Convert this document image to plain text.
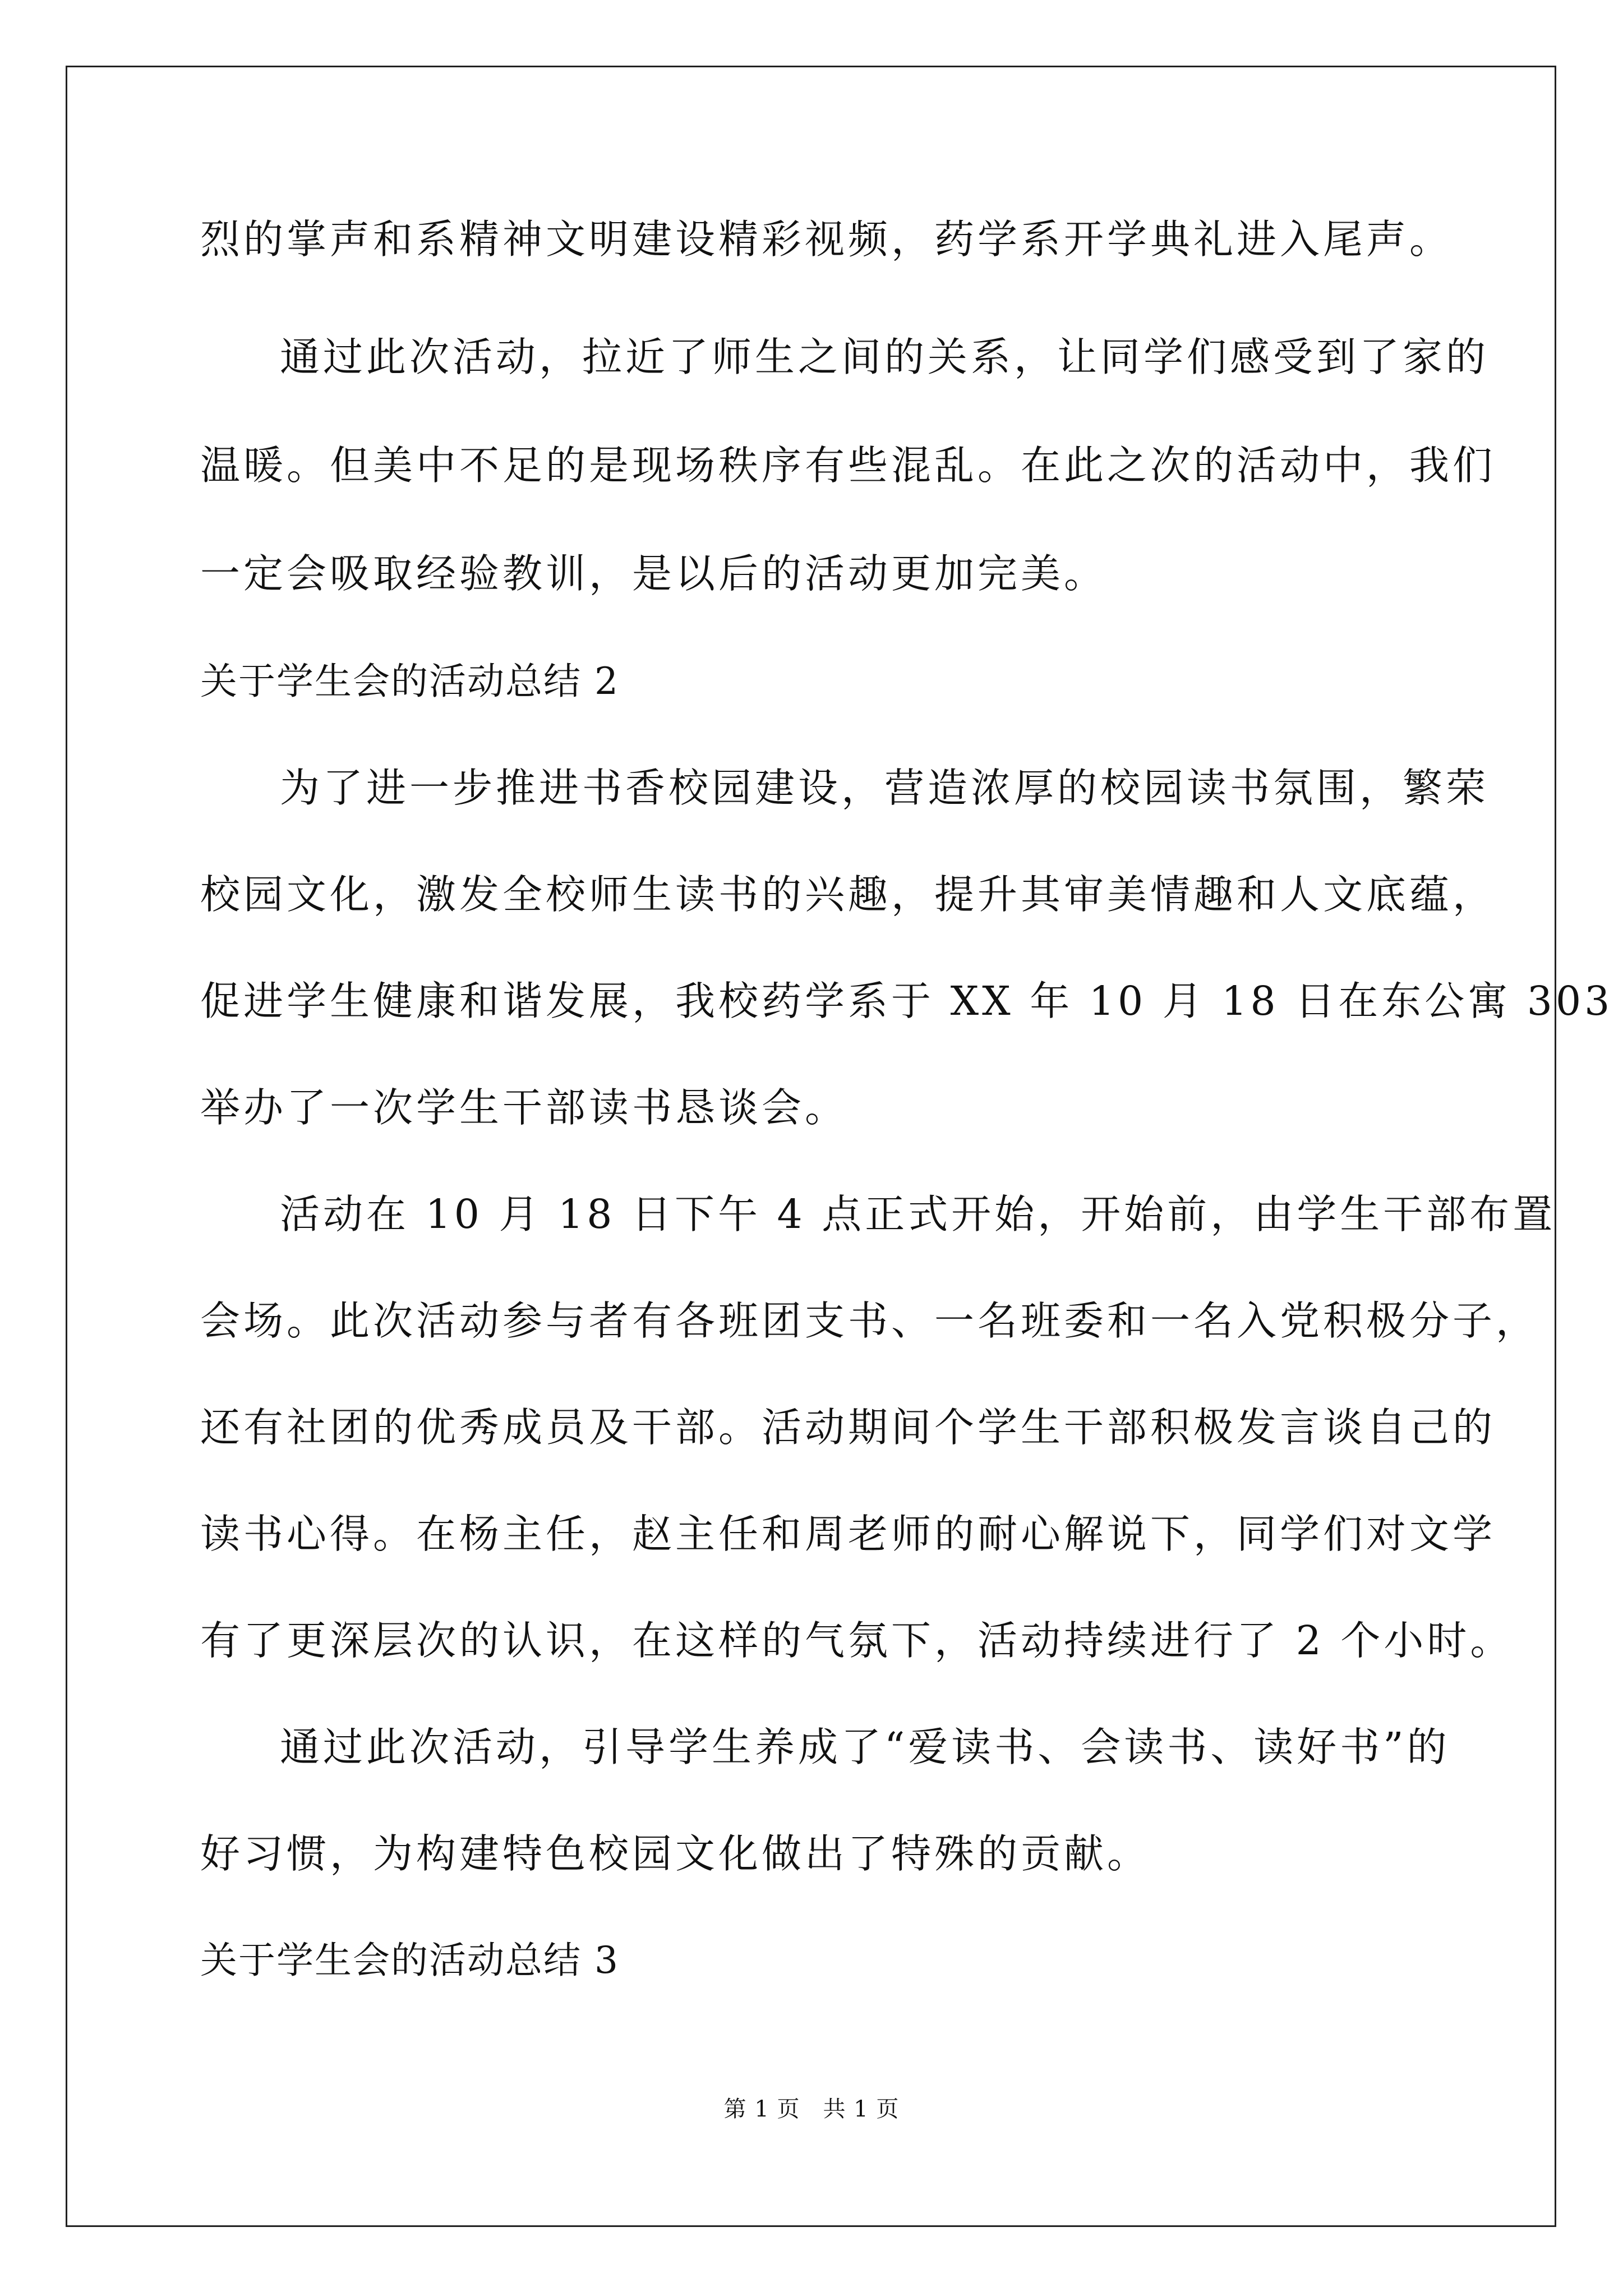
烈的掌声和系精神文明建设精彩视频，药学系开学典礼进入尾声。
通过此次活动，拉近了师生之间的关系，让同学们感受到了家的
温暖。但美中不足的是现场秩序有些混乱。在此之次的活动中，我们
一定会吸取经验教训，是以后的活动更加完美。
关于学生会的活动总结 2
为了进一步推进书香校园建设，营造浓厚的校园读书氛围，繁荣
校园文化，激发全校师生读书的兴趣，提升其审美情趣和人文底蕴，
促进学生健康和谐发展，我校药学系于 XX 年 10 月 18 日在东公寓 303
举办了一次学生干部读书恳谈会。
活动在 10 月 18 日下午 4 点正式开始，开始前，由学生干部布置
会场。此次活动参与者有各班团支书、一名班委和一名入党积极分子，
还有社团的优秀成员及干部。活动期间个学生干部积极发言谈自己的
读书心得。在杨主任，赵主任和周老师的耐心解说下，同学们对文学
有了更深层次的认识，在这样的气氛下，活动持续进行了 2 个小时。
通过此次活动，引导学生养成了“爱读书、会读书、读好书”的
好习惯，为构建特色校园文化做出了特殊的贡献。
关于学生会的活动总结 3
第 1 页　共 1 页
